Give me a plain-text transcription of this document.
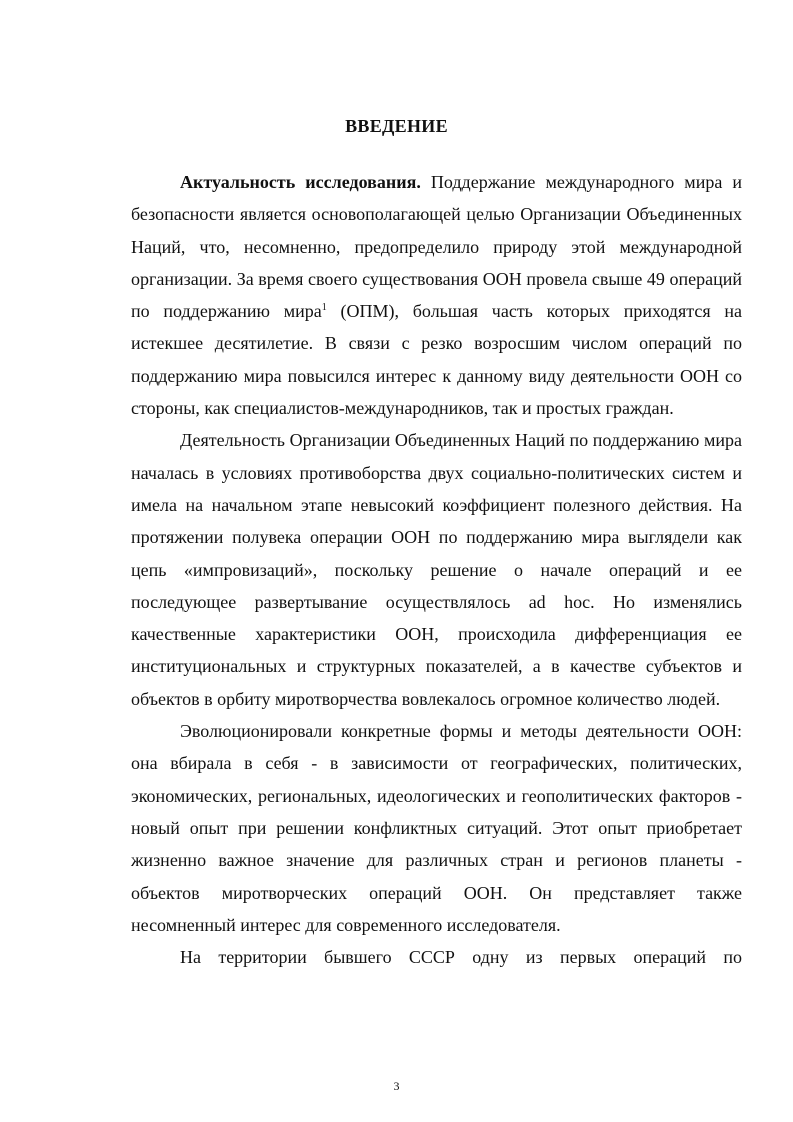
ВВЕДЕНИЕ

Актуальность исследования. Поддержание международного мира и безопасности является основополагающей целью Организации Объединенных Наций, что, несомненно, предопределило природу этой международной организации. За время своего существования ООН провела свыше 49 операций по поддержанию мира$^1$ (ОПМ), большая часть которых приходятся на истекшее десятилетие. В связи с резко возросшим числом операций по поддержанию мира повысился интерес к данному виду деятельности ООН со стороны, как специалистов-международников, так и простых граждан.

Деятельность Организации Объединенных Наций по поддержанию мира началась в условиях противоборства двух социально-политических систем и имела на начальном этапе невысокий коэффициент полезного действия. На протяжении полувека операции ООН по поддержанию мира выглядели как цепь «импровизаций», поскольку решение о начале операций и ее последующее развертывание осуществлялось ad hoc. Но изменялись качественные характеристики ООН, происходила дифференциация ее институциональных и структурных показателей, а в качестве субъектов и объектов в орбиту миротворчества вовлекалось огромное количество людей.

Эволюционировали конкретные формы и методы деятельности ООН: она вбирала в себя - в зависимости от географических, политических, экономических, региональных, идеологических и геополитических факторов - новый опыт при решении конфликтных ситуаций. Этот опыт приобретает жизненно важное значение для различных стран и регионов планеты - объектов миротворческих операций ООН. Он представляет также несомненный интерес для современного исследователя.

На территории бывшего СССР одну из первых операций по

3
